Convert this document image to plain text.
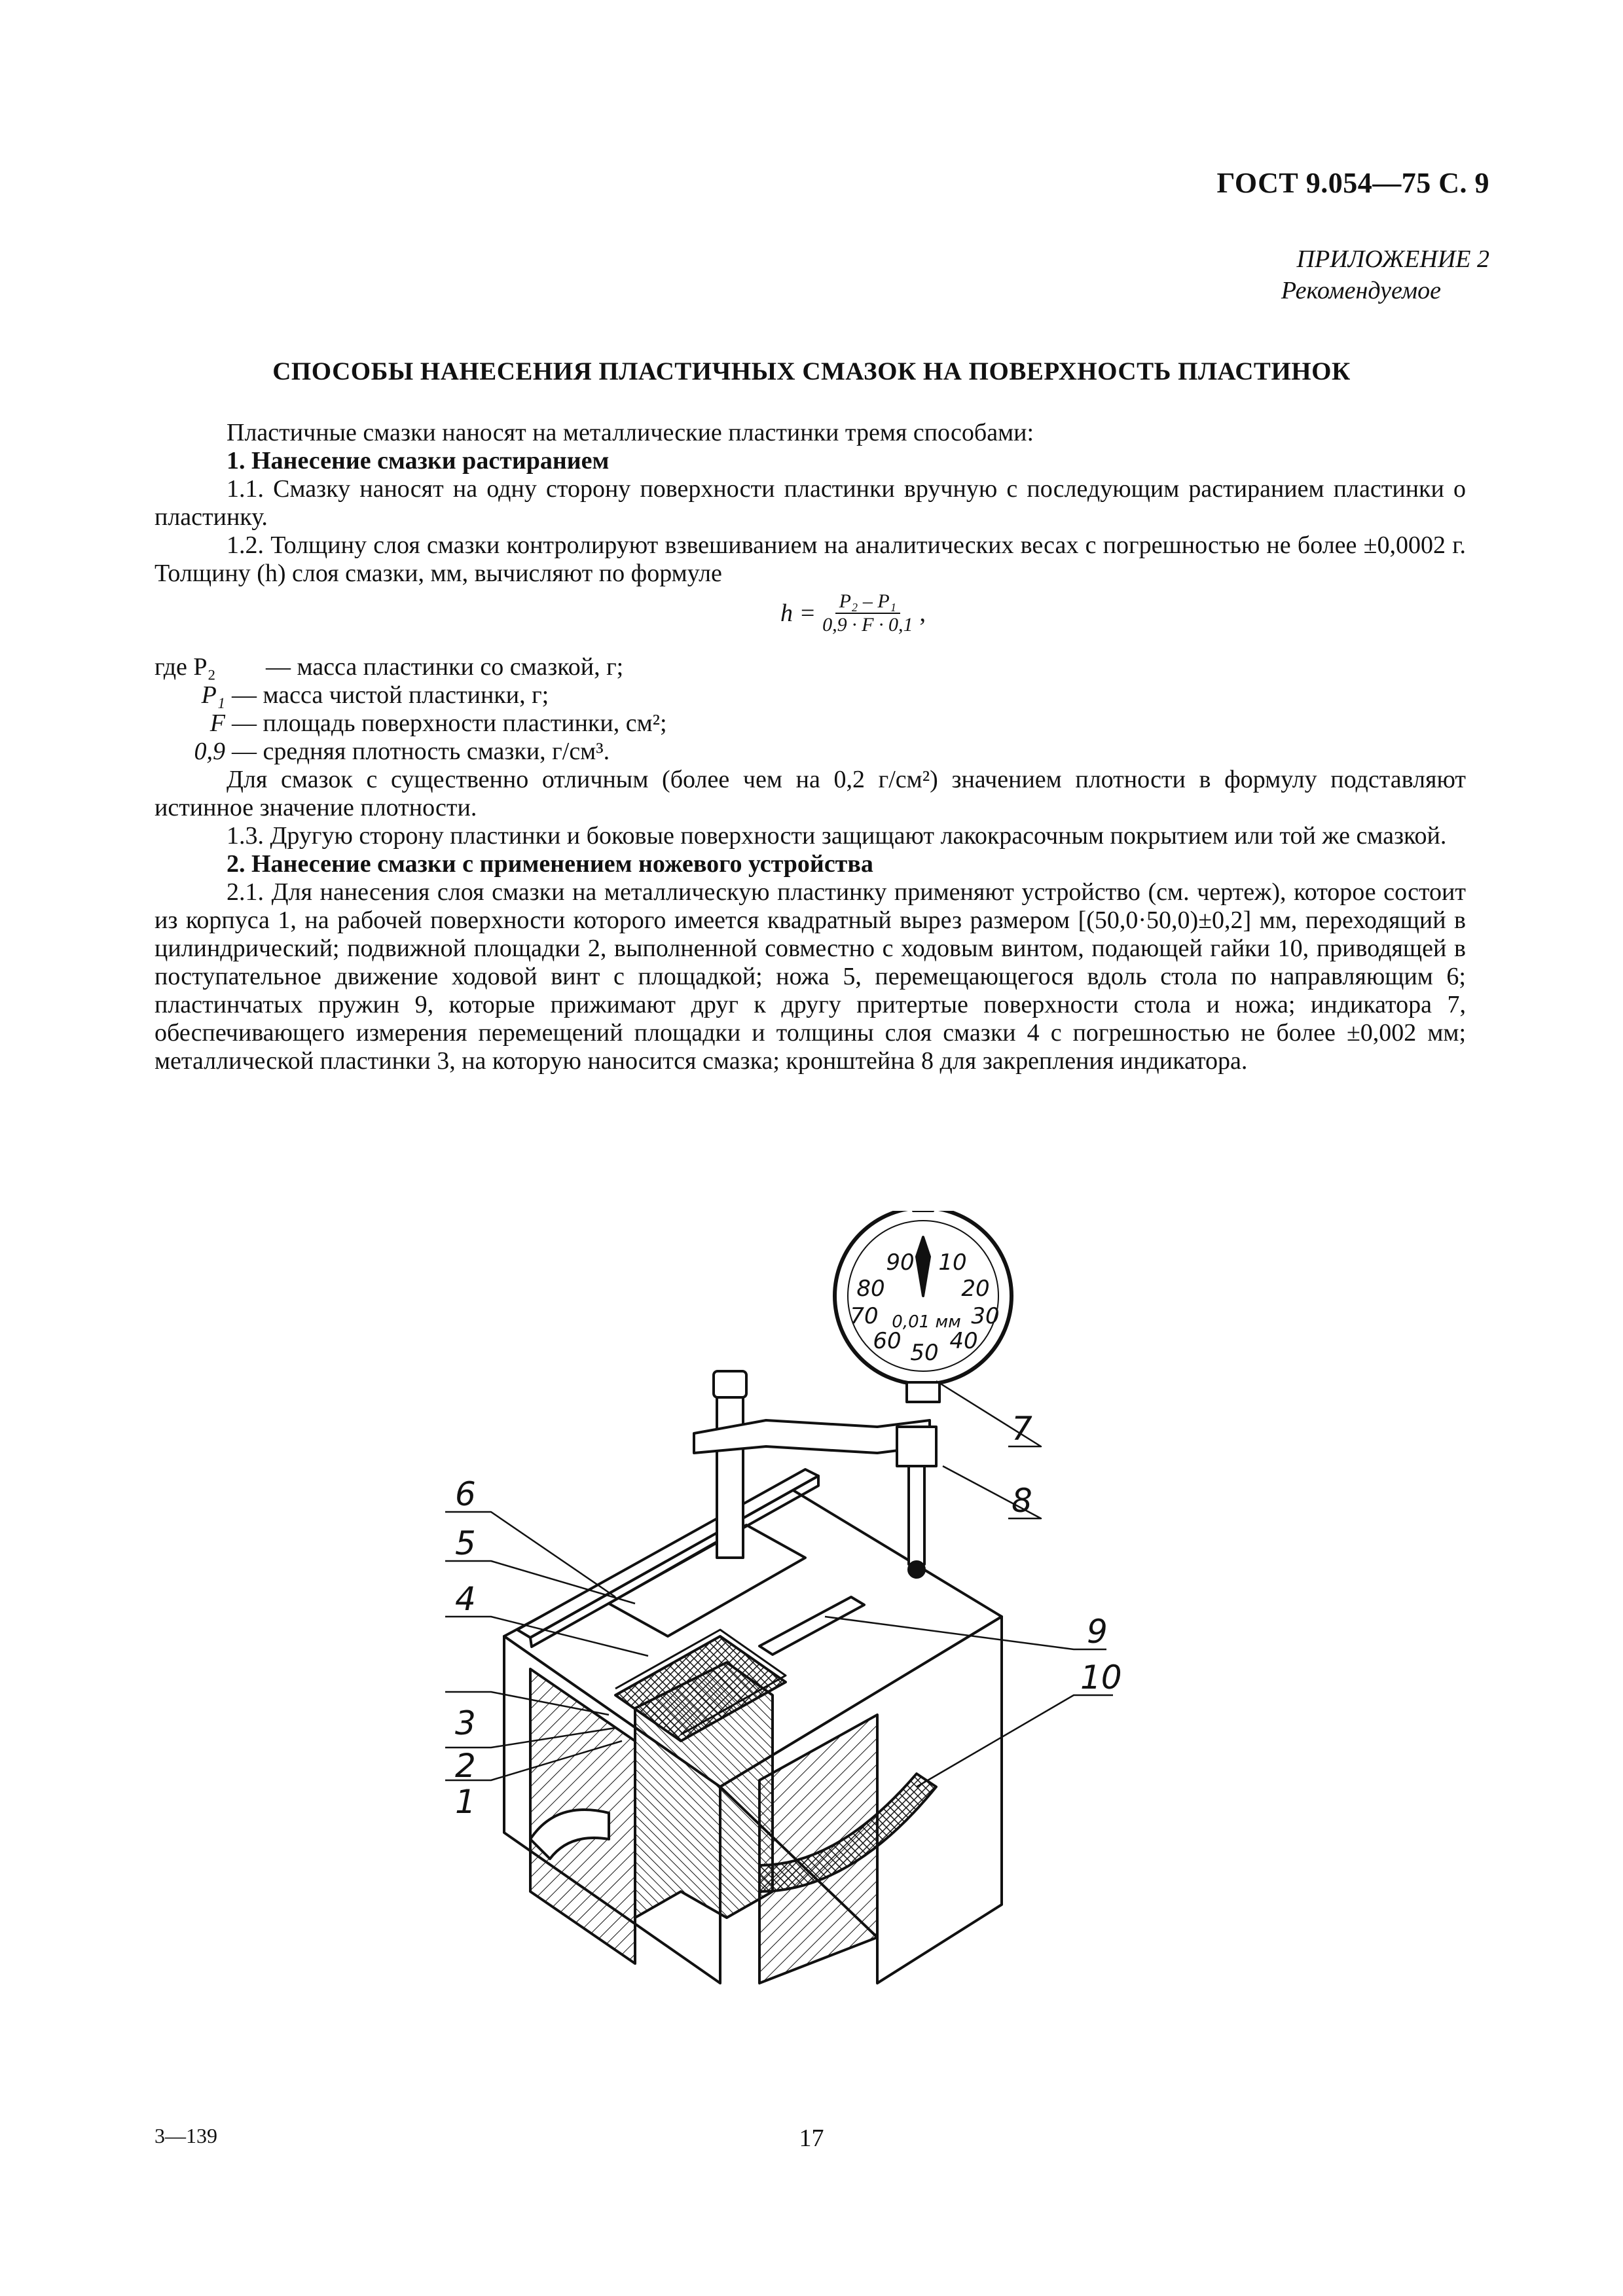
ГОСТ 9.054—75 С. 9
ПРИЛОЖЕНИЕ 2
Рекомендуемое
СПОСОБЫ НАНЕСЕНИЯ ПЛАСТИЧНЫХ СМАЗОК НА ПОВЕРХНОСТЬ ПЛАСТИНОК

Пластичные смазки наносят на металлические пластинки тремя способами:

1. Нанесение смазки растиранием

1.1. Смазку наносят на одну сторону поверхности пластинки вручную с последующим растиранием пластинки о пластинку.

1.2. Толщину слоя смазки контролируют взвешиванием на аналитических весах с погрешностью не более ±0,0002 г. Толщину (h) слоя смазки, мм, вычисляют по формуле

$h = \frac{\text{P₂ – P₁}}{0,9 \cdot F \cdot 0,1}$ ,
где P₂	— масса пластинки со смазкой, г;
P₁ — масса чистой пластинки, г;
F — площадь поверхности пластинки, см²;
0,9 — средняя плотность смазки, г/см³.

Для смазок с существенно отличным (более чем на 0,2 г/см²) значением плотности в формулу подставляют истинное значение плотности.

1.3. Другую сторону пластинки и боковые поверхности защищают лакокрасочным покрытием или той же смазкой.

2. Нанесение смазки с применением ножевого устройства

2.1. Для нанесения слоя смазки на металлическую пластинку применяют устройство (см. чертеж), которое состоит из корпуса 1, на рабочей поверхности которого имеется квадратный вырез размером [(50,0·50,0)±0,2] мм, переходящий в цилиндрический; подвижной площадки 2, выполненной совместно с ходовым винтом, подающей гайки 10, приводящей в поступательное движение ходовой винт с площадкой; ножа 5, перемещающегося вдоль стола по направляющим 6; пластинчатых пружин 9, которые прижимают друг к другу притертые поверхности стола и ножа; индикатора 7, обеспечивающего измерения перемещений площадки и толщины слоя смазки 4 с погрешностью не более ±0,002 мм; металлической пластинки 3, на которую наносится смазка; кронштейна 8 для закрепления индикатора.

90 10
80	20
70	30
60 40
50
0,01 мм
1
2
3
4
5
6
7
8
9
10
3—139	17
